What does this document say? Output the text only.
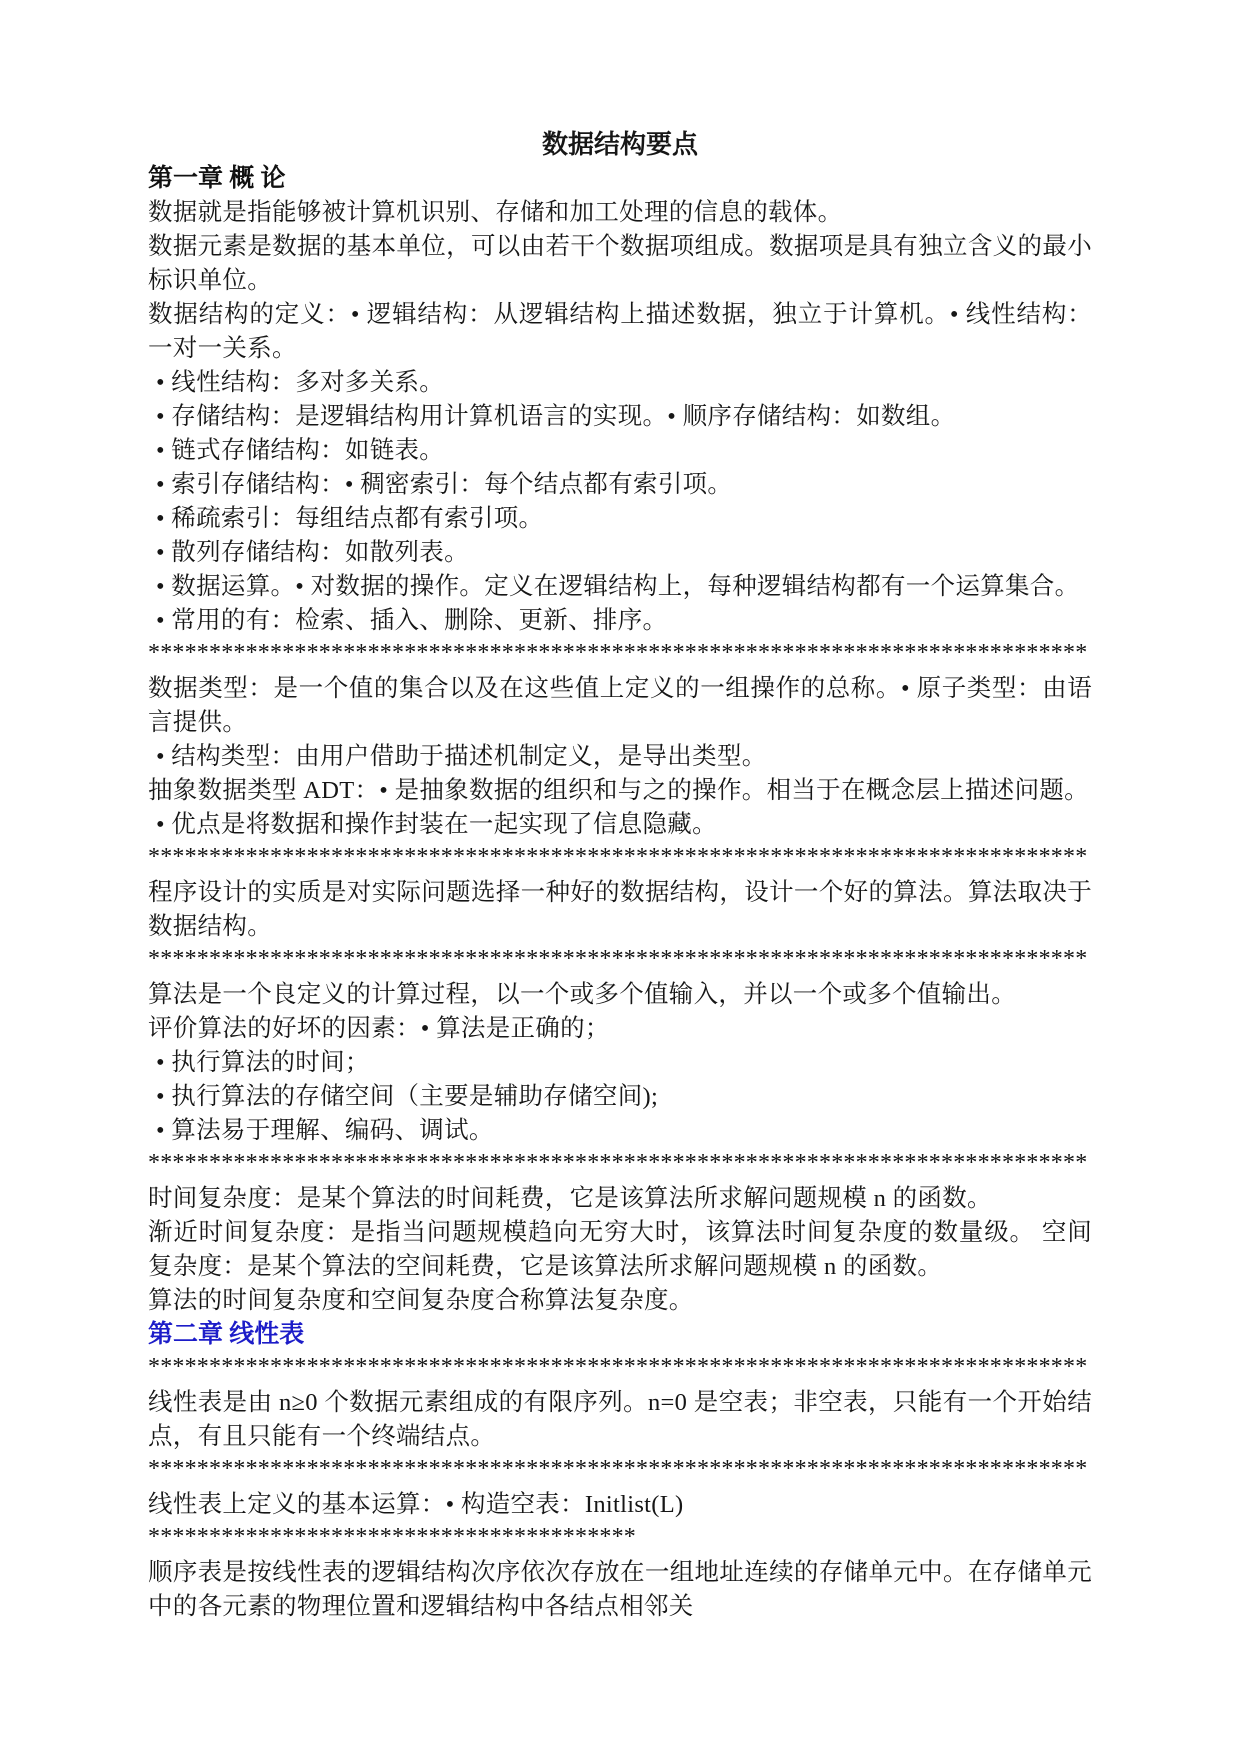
数据结构要点
第一章 概 论

数据就是指能够被计算机识别、存储和加工处理的信息的载体。

数据元素是数据的基本单位，可以由若干个数据项组成。数据项是具有独立含义的最小标识单位。

数据结构的定义：• 逻辑结构：从逻辑结构上描述数据，独立于计算机。• 线性结构：一对一关系。

• 线性结构：多对多关系。

• 存储结构：是逻辑结构用计算机语言的实现。• 顺序存储结构：如数组。

• 链式存储结构：如链表。

• 索引存储结构：• 稠密索引：每个结点都有索引项。

• 稀疏索引：每组结点都有索引项。

• 散列存储结构：如散列表。

• 数据运算。• 对数据的操作。定义在逻辑结构上，每种逻辑结构都有一个运算集合。

• 常用的有：检索、插入、删除、更新、排序。

*****************************************************************************

数据类型：是一个值的集合以及在这些值上定义的一组操作的总称。• 原子类型：由语言提供。

• 结构类型：由用户借助于描述机制定义，是导出类型。

抽象数据类型 ADT：• 是抽象数据的组织和与之的操作。相当于在概念层上描述问题。

• 优点是将数据和操作封装在一起实现了信息隐藏。

*****************************************************************************

程序设计的实质是对实际问题选择一种好的数据结构，设计一个好的算法。算法取决于数据结构。

*****************************************************************************

算法是一个良定义的计算过程，以一个或多个值输入，并以一个或多个值输出。

评价算法的好坏的因素：• 算法是正确的；

• 执行算法的时间；

• 执行算法的存储空间（主要是辅助存储空间);

• 算法易于理解、编码、调试。

*****************************************************************************

时间复杂度：是某个算法的时间耗费，它是该算法所求解问题规模 n 的函数。

渐近时间复杂度：是指当问题规模趋向无穷大时，该算法时间复杂度的数量级。 空间复杂度：是某个算法的空间耗费，它是该算法所求解问题规模 n 的函数。

算法的时间复杂度和空间复杂度合称算法复杂度。

第二章 线性表
*****************************************************************************

线性表是由 n≥0 个数据元素组成的有限序列。n=0 是空表；非空表，只能有一个开始结点，有且只能有一个终端结点。

*****************************************************************************

线性表上定义的基本运算：• 构造空表：Initlist(L)

****************************************

顺序表是按线性表的逻辑结构次序依次存放在一组地址连续的存储单元中。在存储单元中的各元素的物理位置和逻辑结构中各结点相邻关
